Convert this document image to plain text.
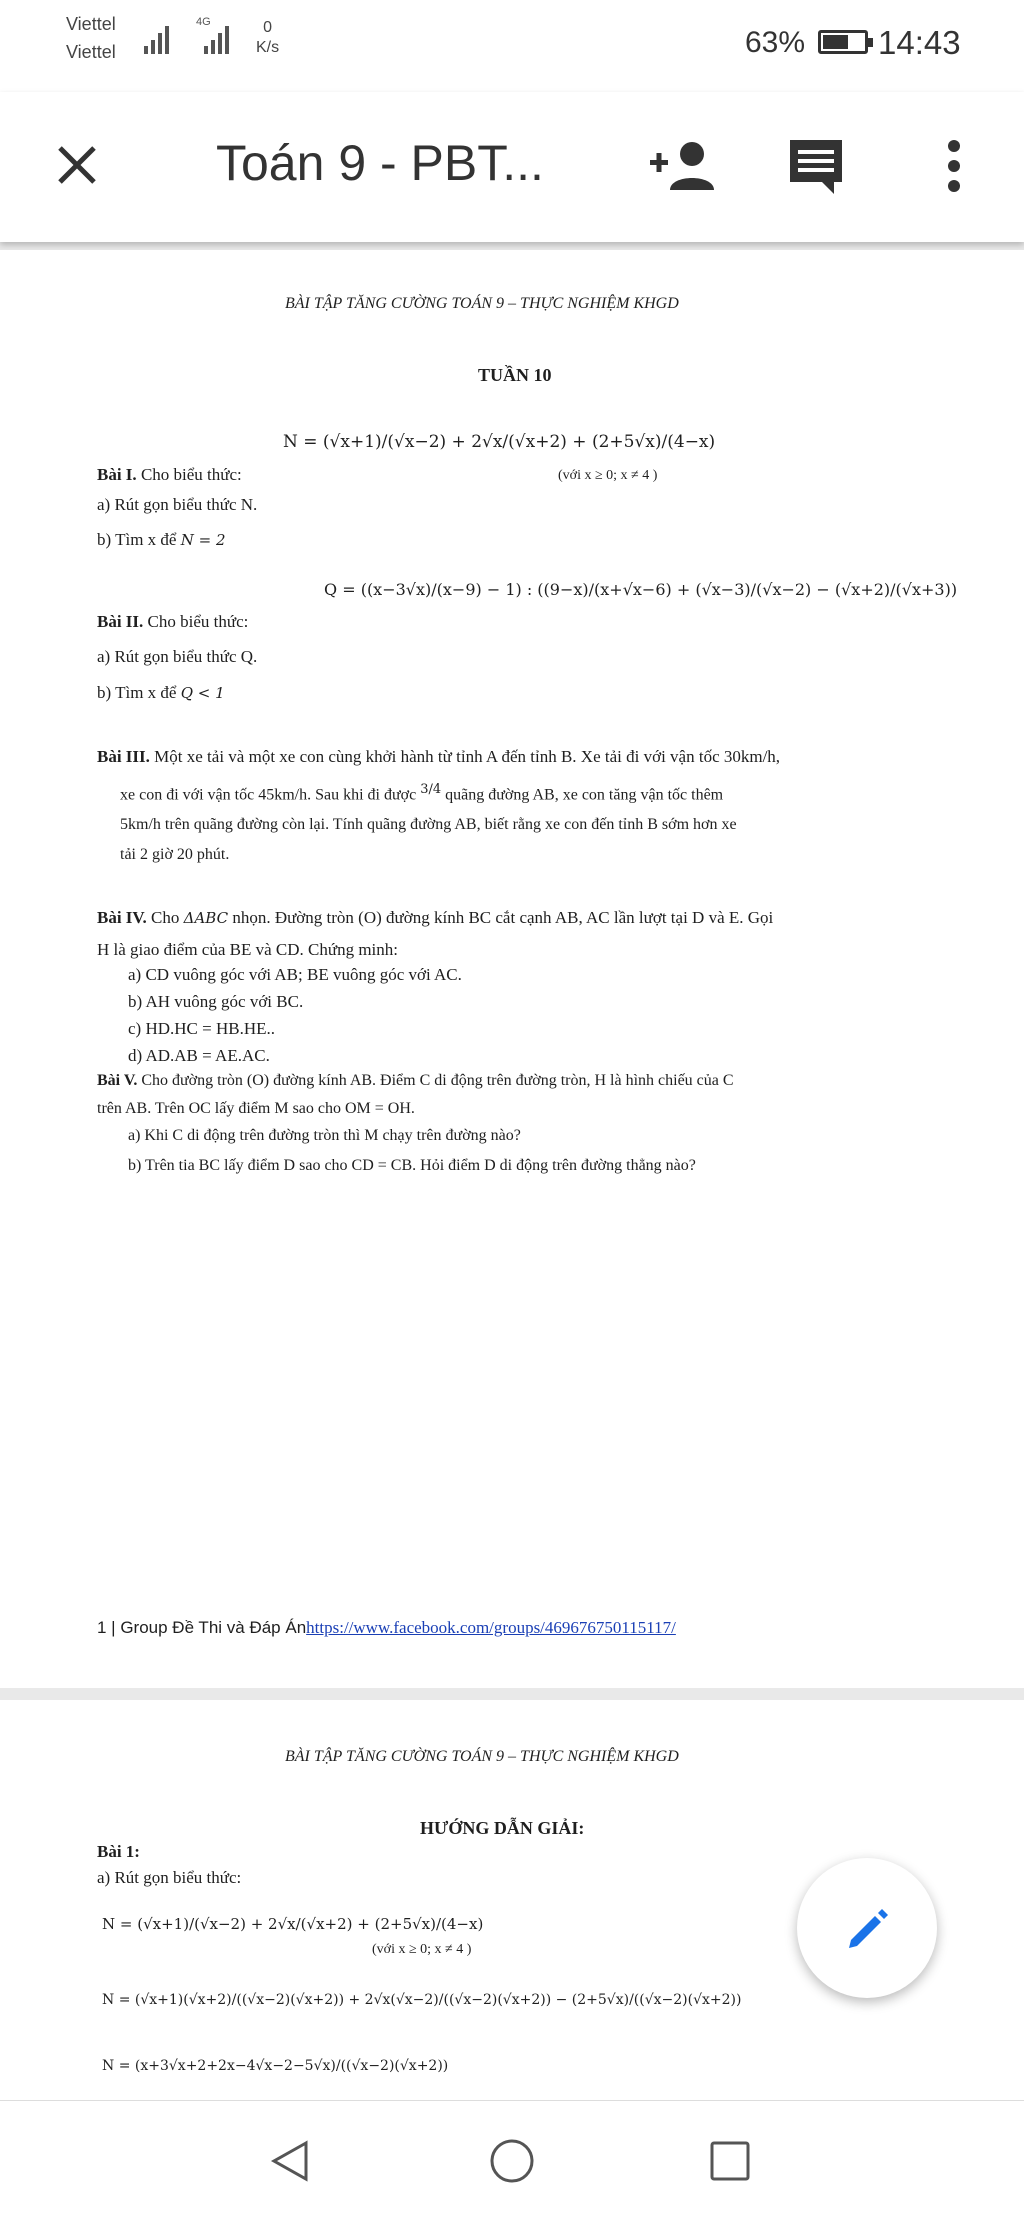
Viettel
Viettel
4G	0
K/s	63% 14:43
Toán 9 - PBT...
BÀI TẬP TĂNG CƯỜNG TOÁN 9 – THỰC NGHIỆM KHGD
TUẦN 10
N = (√x+1)/(√x−2) + 2√x/(√x+2) + (2+5√x)/(4−x)
(với x ≥ 0; x ≠ 4 )
Bài I. Cho biểu thức:
a) Rút gọn biểu thức N.
b) Tìm x để N = 2
Q = ((x−3√x)/(x−9) − 1) : ((9−x)/(x+√x−6) + (√x−3)/(√x−2) − (√x+2)/(√x+3))
Bài II. Cho biểu thức:
a) Rút gọn biểu thức Q.
b) Tìm x để Q < 1
Bài III. Một xe tải và một xe con cùng khởi hành từ tỉnh A đến tỉnh B. Xe tải đi với vận tốc 30km/h,
xe con đi với vận tốc 45km/h. Sau khi đi được $^{3/4}$ quãng đường AB, xe con tăng vận tốc thêm
5km/h trên quãng đường còn lại. Tính quãng đường AB, biết rằng xe con đến tỉnh B sớm hơn xe
tải 2 giờ 20 phút.
Bài IV. Cho ΔABC nhọn. Đường tròn (O) đường kính BC cắt cạnh AB, AC lần lượt tại D và E. Gọi
H là giao điểm của BE và CD. Chứng minh:
a) CD vuông góc với AB; BE vuông góc với AC.
b) AH vuông góc với BC.
c) HD.HC = HB.HE..
d) AD.AB = AE.AC.
Bài V. Cho đường tròn (O) đường kính AB. Điểm C di động trên đường tròn, H là hình chiếu của C
trên AB. Trên OC lấy điểm M sao cho OM = OH.
a) Khi C di động trên đường tròn thì M chạy trên đường nào?
b) Trên tia BC lấy điểm D sao cho CD = CB. Hỏi điểm D di động trên đường thẳng nào?
1 | Group Đề Thi và Đáp Ánhttps://www.facebook.com/groups/469676750115117/
BÀI TẬP TĂNG CƯỜNG TOÁN 9 – THỰC NGHIỆM KHGD
HƯỚNG DẪN GIẢI:
Bài 1:
a) Rút gọn biểu thức:
N = (√x+1)/(√x−2) + 2√x/(√x+2) + (2+5√x)/(4−x)
(với x ≥ 0; x ≠ 4 )
N = (√x+1)(√x+2)/((√x−2)(√x+2)) + 2√x(√x−2)/((√x−2)(√x+2)) − (2+5√x)/((√x−2)(√x+2))
N = (x+3√x+2+2x−4√x−2−5√x)/((√x−2)(√x+2))
